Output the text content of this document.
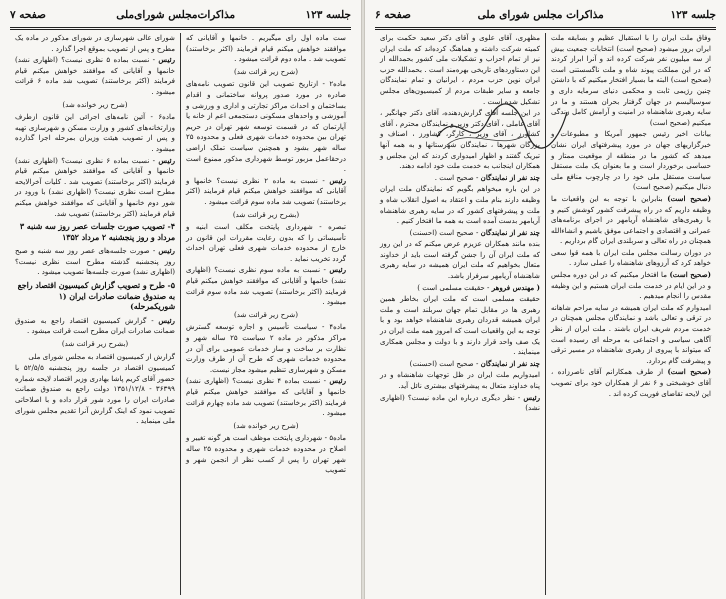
جلسه ۱۲۳
مذاکرات‌مجلس شورای‌ملی
صفحه ۷

ست ماده اول رای میگیریم . خانمها و آقایانی که موافقند خواهش میکنم قیام فرمایند (اکثر برخاستند) تصویب شد . ماده دوم قرائت میشود .

(شرح زیر قرائت شد)

ماده۲ - ازتاریخ تصویب این قانون تصویب نامه‌های صادره در مورد صدور پروانه ساختمانی و اقدام بساختمان و احداث مراکز تجارتی و اداری و ورزشی و آموزشی و واحدهای مسکونی دستجمعی اعم از خانه یا آپارتمان که در قسمت توسعه شهر تهران در حریم تهران بین محدوده خدمات شهری فعلی و محدوده ۲۵ ساله شهر بشود و همچنین سیاست تملک اراضی درحقاعمل مزبور توسط شهرداری مذکور ممنوع است .

رئیس - نسبت به ماده ۲ نظری نیست؟ خانمها و آقایانی که موافقند خواهش میکنم قیام فرمایند (اکثر برخاستند) تصویب شد ماده سوم قرائت میشود .

(بشرح زیر قرائت شد)

تبصره - شهرداری پایتخت مکلف است ابنیه و تأسیساتی را که بدون رعایت مقررات این قانون در خارج از محدوده خدمات شهری فعلی تهران احداث گردد تخریب نماید .

رئیس - نسبت به ماده سوم نظری نیست؟ (اظهاری نشد) خانمها و آقایانی که موافقند خواهش میکنم قیام فرمایند (اکثر برخاستند) تصویب شد ماده سوم قرائت میشود .

(شرح زیر قرائت شد)

ماده۴ - سیاست تأسیس و اجازه توسعه گسترش مراکز مذکور در ماده ۲ سیاست ۲۵ ساله شهر و نظارت بر ساخت و ساز خدمات عمومی برای آن در محدوده خدمات شهری که طرح آن از طرف وزارت مسکن و شهرسازی تنظیم میشود مجاز نیست.

رئیس - نسبت بماده ۴ نظری نیست؟ (اظهاری نشد) خانمها و آقایانی که موافقند خواهش میکنم قیام فرمایند (اکثر برخاستند) تصویب شد ماده چهارم قرائت میشود .

(شرح زیر خوانده شد)

ماده۵ - شهرداری پایتخت موظف است هر گونه تغییر و اصلاح در محدوده خدمات شهری و محدوده ۲۵ ساله شهر تهران را پس از کسب نظر از انجمن شهر و تصویب

شورای عالی شهرسازی در شورای مذکور در ماده یک مطرح و پس از تصویب بموقع اجرا گذارد .

رئیس - نسبت بماده ۵ نظری نیست؟ (اظهاری نشد) خانمها و آقایانی که موافقند خواهش میکنم قیام فرمایند (اکثر برخاستند) تصویب شد ماده ۶ قرائت میشود .

(شرح زیر خوانده شد)

ماده۶ - آئین نامه‌های اجرائی این قانون ازطرف وزارتخانه‌های کشور و وزارت مسکن و شهرسازی تهیه و پس از تصویب هیئت وزیران بمرحله اجرا گذارده میشود .

رئیس - نسبت بماده ۶ نظری نیست؟ (اظهاری نشد) خانمها و آقایانی که موافقند خواهش میکنم قیام فرمایند (اکثر برخاستند) تصویب شد . کلیات آخرالایحه مطرح است نظری نیست؟ (اظهاری نشد) با ورود در شور دوم خانمها و آقایانی که موافقند خواهش میکنم قیام فرمایند (اکثر برخاستند) تصویب شد.

۴- تصویب صورت جلسات عصر روز سه شنبه ۳ مرداد و روز پنجشنبه ۲ مرداد ۱۳۵۲

رئیس - صورت جلسه‌های عصر روز سه شنبه و صبح روز پنجشنبه گذشته مطرح است نظری نیست؟ (اظهاری نشد) صورت جلسه‌ها تصویب میشود .

۵- طرح و تصویب گزارش کمیسیون اقتصاد راجع به صندوق ضمانت صادرات ایران (۱ شوریکمرحله)

رئیس - گزارش کمیسیون اقتصاد راجع به صندوق ضمانت صادرات ایران مطرح است قرائت میشود .

(بشرح زیر قرائت شد)

گزارش از کمیسیون اقتصاد به مجلس شورای ملی

کمیسیون اقتصاد در جلسه روز پنجشنبه ۵۲/۵/۵ با حضور آقای کریم پاشا بهادری وزیر اقتصاد لایحه شماره ۳۶۳۹۹ - ۱۳۵۱/۱۲/۸ دولت راجع به صندوق ضمانت صادرات ایران را مورد شور قرار داده و با اصلاحاتی تصویب نمود که اینک گزارش آنرا تقدیم مجلس شورای ملی مینماید .

جلسه ۱۲۳
مذاکرات مجلس شورای ملی
صفحه ۶

وفاق ملت ایران را با استقبال عظیم و بسابقه ملت ایران بروز میشود (صحیح است) انتخابات جمعیت بیش از سه میلیون نفر شرکت کرده اند و آنرا ابراز کردند که در این مملکت پیوند شاه و ملت ناگسستنی است (صحیح است) البته ما بسیار افتخار میکنیم که با داشتن چنین رژیمی ثابت و محکمی دنیای سرمایه داری و سوسیالیسم در جهان گرفتار بحران هستند و ما در سایه رهبری شاهنشاه در امنیت و آرامش کامل زندگی میکنیم (صحیح است)

بیانات اخیر رئیس جمهور آمریکا و مطبوعات و خبرگزاریهای جهان در مورد پیشرفتهای ایران نشان میدهد که کشور ما در منطقه از موقعیت ممتاز و حساسی برخوردار است و ما بعنوان یک ملت مستقل سیاست مستقل ملی خود را در چارچوب منافع ملی دنبال میکنیم (صحیح است)

(صحیح است) بنابراین با توجه به این واقعیات ما وظیفه داریم که در راه پیشرفت کشور کوشش کنیم و با رهبری‌های شاهنشاه آریامهر در اجرای برنامه‌های عمرانی و اقتصادی و اجتماعی موفق باشیم و انشاءالله همچنان در راه تعالی و سربلندی ایران گام برداریم .

در دوران رسالت مجلس ملت ایران با همه قوا سعی خواهد کرد که آرزوهای شاهنشاه را عملی سازد .

(صحیح است) ما افتخار میکنیم که در این دوره مجلس و در این ایام در خدمت ملت ایران هستیم و این وظیفه مقدس را انجام میدهیم .

امیدوارم که ملت ایران همیشه در سایه مراحم شاهانه در ترقی و تعالی باشد و نمایندگان مجلس همچنان در خدمت مردم شریف ایران باشند . ملت ایران از نظر آگاهی سیاسی و اجتماعی به مرحله ای رسیده است که میتواند با پیروی از رهبری شاهنشاه در مسیر ترقی و پیشرفت گام بردارد.

(صحیح است) از طرف همکارانم آقای ناصرزاده ، آقای خوشبختی و ۶ نفر از همکاران خود برای تصویب این لایحه تقاضای فوریت کرده اند .

مظهری، آقای علوی و آقای دکتر سعید حکمت برای کمیته شرکت داشته و هماهنگ کرده‌اند که ملت ایران نیز از تمام احزاب و تشکیلات ملی کشور بحمدالله از این دستاوردهای تاریخی بهره‌مند است . بحمدالله حزب ایران نوین حزب مردم ، ایرانیان و تمام نمایندگان جامعه و سایر طبقات مردم از کمیسیون‌های مجلس تشکیل شده است .

در این جلسه آقای گزارش‌دهنده، آقای دکتر جهانگیر ، آقای عاملی ، آقای دکتر وزیر و نمایندگان محترم ، آقای کشاورز ، آقای وزیر ، کارگر، کشاورز ، اصناف و بزرگان شهرها ، نمایندگان شهرستانها و به همه آنها تبریک گفتند و اظهار امیدواری کردند که این مجلس و همکاران اینجانب به خدمت ملت خود ادامه دهند.

چند نفر از نمایندگان - صحیح است .

در این باره میخواهم بگویم که نمایندگان ملت ایران وظیفه دارند بنام ملت و اعتقاد به اصول انقلاب شاه و ملت و پیشرفتهای کشور که در سایه رهبری شاهنشاه آریامهر بدست آمده است به همه ما افتخار کنیم .

چند نفر از نمایندگان - صحیح است (احسنت)

بنده مانند همکاران عزیزم عرض میکنم که در این روز که ملت ایران آن را جشن گرفته است باید از خداوند متعال بخواهیم که ملت ایران همیشه در سایه رهبری شاهنشاه آریامهر سرفراز باشد.

( مهندس فروهر - حقیقت مسلمی است )

حقیقت مسلمی است که ملت ایران بخاطر همین رهبری ها در مقابل تمام جهان سربلند است و ملت ایران همیشه قدردان رهبری شاهنشاه خواهد بود و با توجه به این واقعیات است که امروز همه ملت ایران در یک صف واحد قرار دارند و با دولت و مجلس همکاری مینمایند .

چند نفر از نمایندگان - صحیح است (احسنت)

امیدواریم ملت ایران در ظل توجهات شاهنشاه و در پناه خداوند متعال به پیشرفتهای بیشتری نائل آید.

رئیس - نظر دیگری درباره این ماده نیست؟ (اظهاری نشد)
